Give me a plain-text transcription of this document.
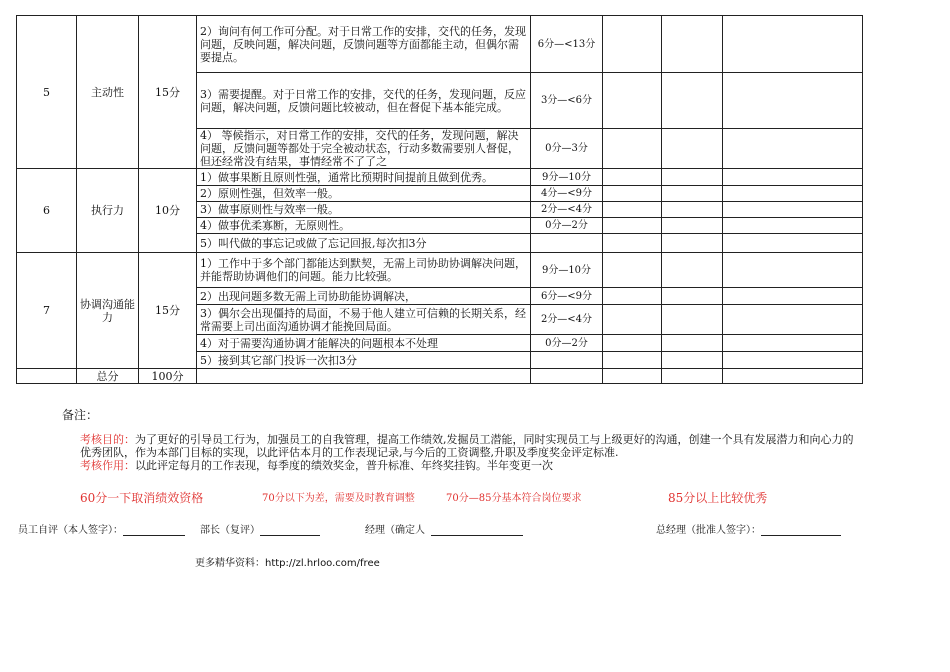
5	主动性	15分	2）询问有何工作可分配。对于日常工作的安排，交代的任务，发现问题，反映问题，解决问题，反馈问题等方面都能主动，但偶尔需要提点。	6分—<13分			
			3）需要提醒。对于日常工作的安排，交代的任务，发现问题，反应问题，解决问题，反馈问题比较被动，但在督促下基本能完成。	3分—<6分			
			4） 等候指示，对日常工作的安排，交代的任务，发现问题，解决问题，反馈问题等都处于完全被动状态，行动多数需要别人督促，但还经常没有结果，事情经常不了了之	0分—3分			
6	执行力	10分	1）做事果断且原则性强，通常比预期时间提前且做到优秀。	9分—10分			
			2）原则性强，但效率一般。	4分—<9分			
			3）做事原则性与效率一般。	2分—<4分			
			4）做事优柔寡断，无原则性。	0分—2分			
			5）叫代做的事忘记或做了忘记回报,每次扣3分				
7	协调沟通能力	15分	1）工作中于多个部门都能达到默契，无需上司协助协调解决问题，并能帮助协调他们的问题。能力比较强。	9分—10分			
			2）出现问题多数无需上司协助能协调解决，	6分—<9分			
			3）偶尔会出现僵持的局面，不易于他人建立可信赖的长期关系，经常需要上司出面沟通协调才能挽回局面。	2分—<4分			
			4）对于需要沟通协调才能解决的问题根本不处理	0分—2分			
			5）接到其它部门投诉一次扣3分				
	总分	100分					
备注：
考核目的：为了更好的引导员工行为，加强员工的自我管理，提高工作绩效,发掘员工潜能，同时实现员工与上级更好的沟通，创建一个具有发展潜力和向心力的优秀团队，作为本部门目标的实现，以此评估本月的工作表现记录,与今后的工资调整,升职及季度奖金评定标准.
考核作用：以此评定每月的工作表现，每季度的绩效奖金，普升标准、年终奖挂钩。半年变更一次
60分一下取消绩效资格	70分以下为差，需要及时教育调整	70分—85分基本符合岗位要求	85分以上比较优秀
员工自评（本人签字）：	部长（复评）	经理（确定人	总经理（批准人签字）：
更多精华资料：http://zl.hrloo.com/free
